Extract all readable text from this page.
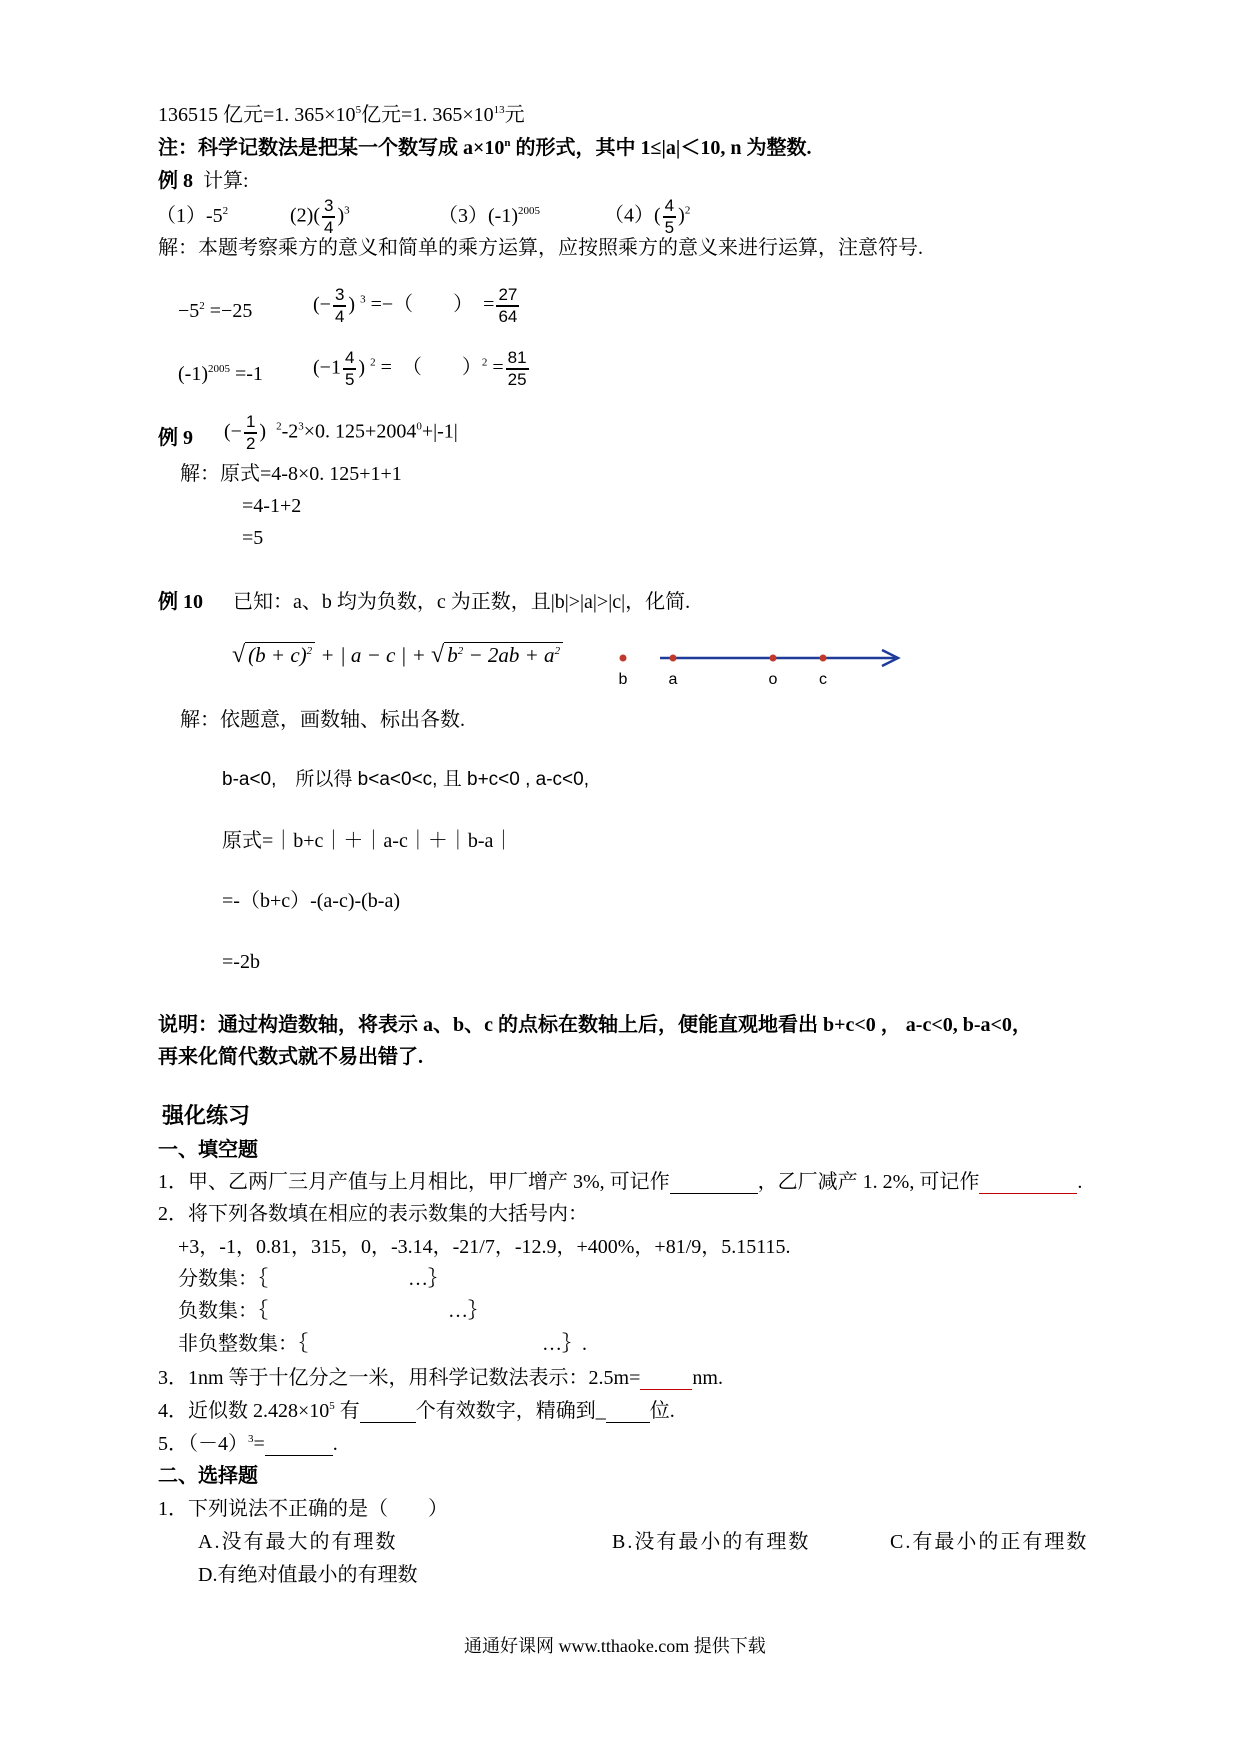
136515 亿元=1. $365\times 10^5$亿元=1. $365\times 10^{13}$元
注：科学记数法是把某一个数写成 $a\times 10^n$ 的形式，其中 1≤|a|＜10, n 为整数.
例 8 计算:
$(1)-5^2$	$(2)( \frac{3}{4} )^3$	$(3)(-1)^{2005}$	$(4)( \frac{4}{5} )^2$
解：本题考察乘方的意义和简单的乘方运算，应按照乘方的意义来进行运算，注意符号.
$-5^2 =-25$	(− $\frac{3}{4}$ ) $^3$ =−（　　）　= $\frac{27}{64}$
$(-1)^{2005} =-1$	($-1 \frac{4}{5}$ ) $^2$ =　（　　）$^2 = \frac{81}{25}$
例 9 (− $\frac{1}{2}$ ) $^2-2^3\times 0$. $125+2004^0+|-1|$
解：原式=4-8×0. 125+1+1
=4-1+2
=5
例 10 已知：a、b 均为负数，c 为正数，且|b|>|a|>|c|，化简.
√ $(b + c)^2$ + | a − c | + √ $b^2 - 2ab + a^2$
b	a	o	c
解：依题意，画数轴、标出各数.
b-a<0,　所以得 b<a<0<c, 且 b+c<0 , a-c<0,
原式=｜b+c｜＋｜a-c｜＋｜b-a｜
=-（b+c）-(a-c)-(b-a)
=-2b
说明：通过构造数轴，将表示 a、b、c 的点标在数轴上后，便能直观地看出 b+c<0 ， a-c<0, b-a<0，
再来化简代数式就不易出错了.
强化练习
一、填空题
1．甲、乙两厂三月产值与上月相比，甲厂增产 3%, 可记作	，乙厂减产 1. 2%, 可记作	.
2．将下列各数填在相应的表示数集的大括号内：
+3，-1，0.81，315，0，-3.14，-21/7，-12.9，+400%，+81/9，5.15115.
分数集：｛	…｝
负数集：｛	…｝
非负整数集：｛	…｝.
3．1nm 等于十亿分之一米，用科学记数法表示：2.5m=	nm.
4．近似数 $2.428\times 10^5$ 有	个有效数字，精确到_ 位.
5．$(-4)^3=$	.
二、选择题
1．下列说法不正确的是（　　）
A.没有最大的有理数	B.没有最小的有理数	C.有最小的正有理数
D.有绝对值最小的有理数
通通好课网 www.tthaoke.com 提供下载
